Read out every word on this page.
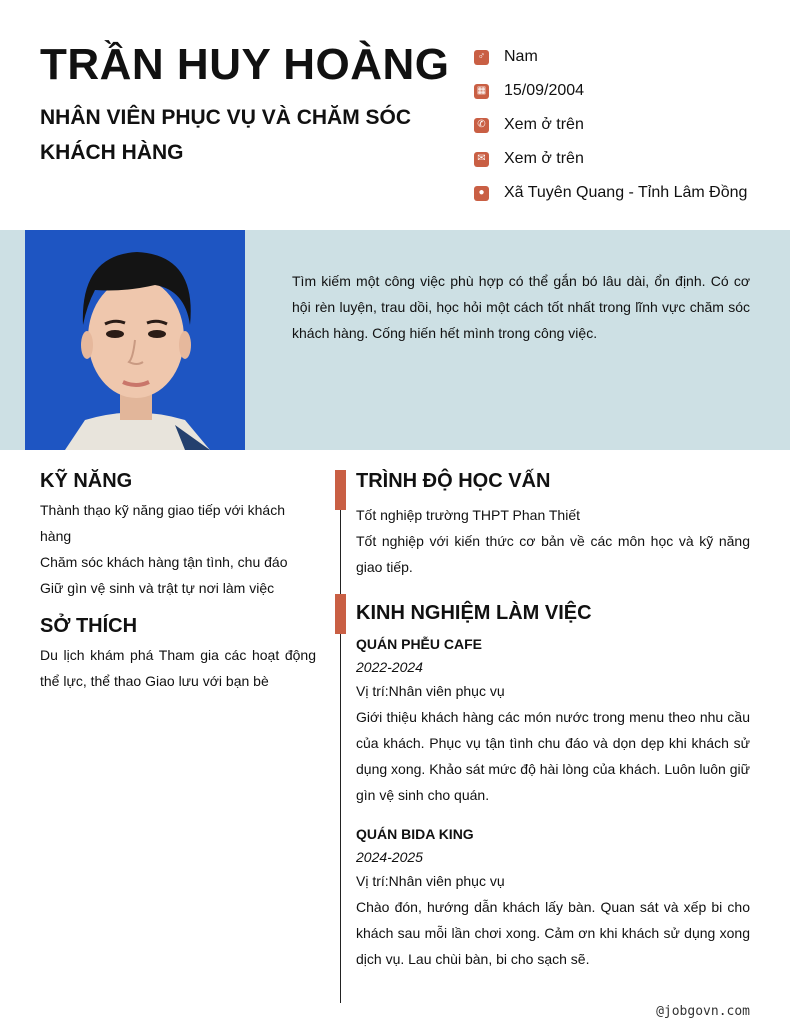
TRẦN HUY HOÀNG
NHÂN VIÊN PHỤC VỤ VÀ CHĂM SÓC KHÁCH HÀNG
♂ Nam
▦ 15/09/2004
✆ Xem ở trên
✉ Xem ở trên
● Xã Tuyên Quang - Tỉnh Lâm Đồng
Tìm kiếm một công việc phù hợp có thể gắn bó lâu dài, ổn định. Có cơ hội rèn luyện, trau dồi, học hỏi một cách tốt nhất trong lĩnh vực chăm sóc khách hàng. Cống hiến hết mình trong công việc.
KỸ NĂNG
Thành thạo kỹ năng giao tiếp với khách hàng
Chăm sóc khách hàng tận tình, chu đáo
Giữ gìn vệ sinh và trật tự nơi làm việc
SỞ THÍCH
Du lịch khám phá Tham gia các hoạt động thể lực, thể thao Giao lưu với bạn bè
TRÌNH ĐỘ HỌC VẤN
Tốt nghiệp trường THPT Phan Thiết
Tốt nghiệp với kiến thức cơ bản về các môn học và kỹ năng giao tiếp.
KINH NGHIỆM LÀM VIỆC
QUÁN PHỄU CAFE
2022-2024
Vị trí:Nhân viên phục vụ
Giới thiệu khách hàng các món nước trong menu theo nhu cầu của khách. Phục vụ tận tình chu đáo và dọn dẹp khi khách sử dụng xong. Khảo sát mức độ hài lòng của khách. Luôn luôn giữ gìn vệ sinh cho quán.
QUÁN BIDA KING
2024-2025
Vị trí:Nhân viên phục vụ
Chào đón, hướng dẫn khách lấy bàn. Quan sát và xếp bi cho khách sau mỗi lần chơi xong. Cảm ơn khi khách sử dụng xong dịch vụ. Lau chùi bàn, bi cho sạch sẽ.
@jobgovn.com
